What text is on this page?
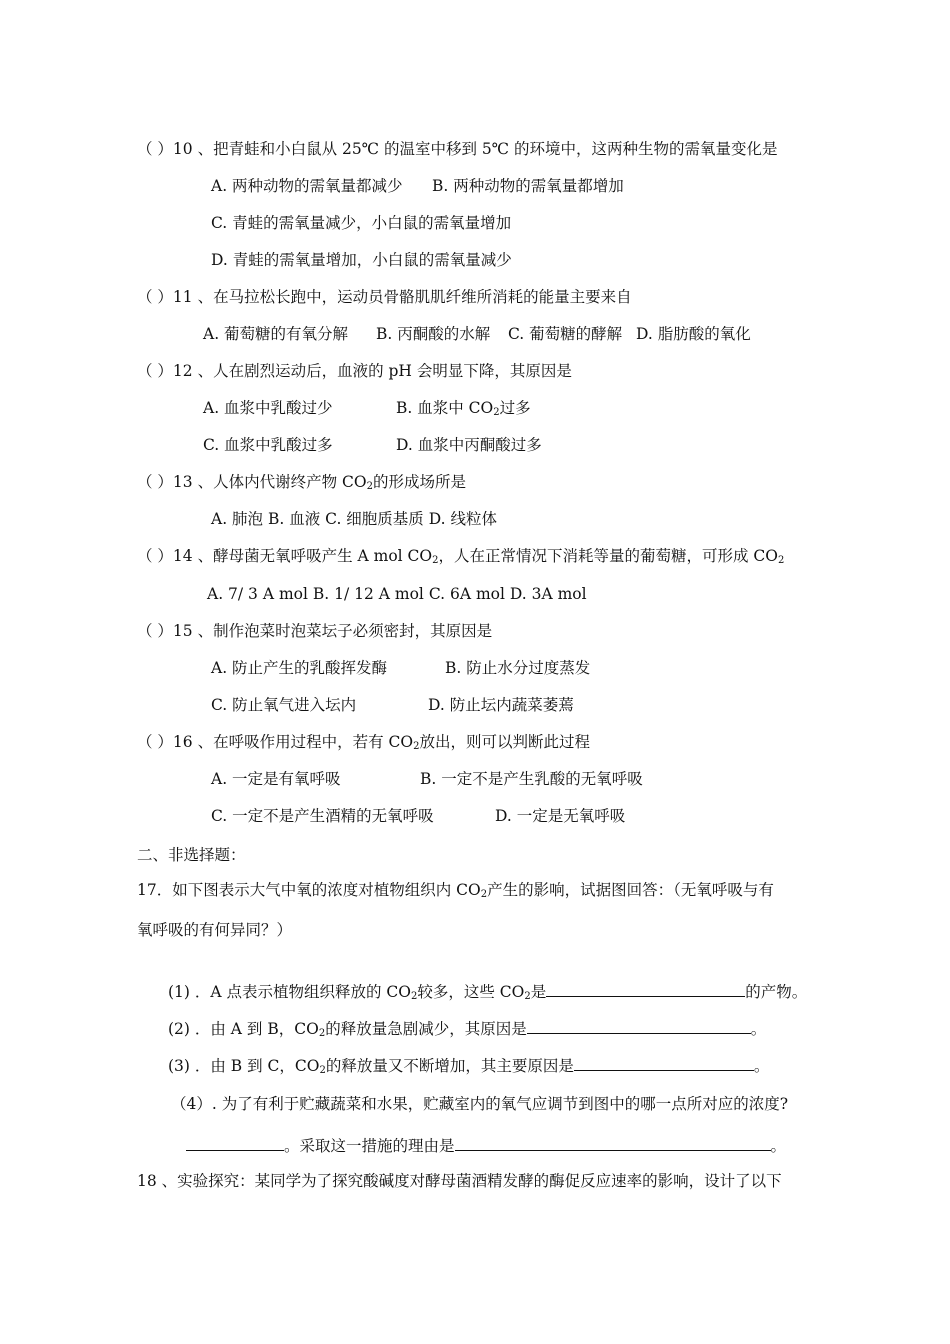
（ ）10 、把青蛙和小白鼠从 25℃ 的温室中移到 5℃ 的环境中，这两种生物的需氧量变化是
A. 两种动物的需氧量都减少 B. 两种动物的需氧量都增加
C. 青蛙的需氧量减少，小白鼠的需氧量增加
D. 青蛙的需氧量增加，小白鼠的需氧量减少
（ ）11 、在马拉松长跑中，运动员骨骼肌肌纤维所消耗的能量主要来自
A. 葡萄糖的有氧分解 B. 丙酮酸的水解 C. 葡萄糖的酵解 D. 脂肪酸的氧化
（ ）12 、人在剧烈运动后，血液的 pH 会明显下降，其原因是
A. 血浆中乳酸过少	B. 血浆中 $CO_2$过多
C. 血浆中乳酸过多	D. 血浆中丙酮酸过多
（ ）13 、人体内代谢终产物 $CO_2$的形成场所是
A. 肺泡 B. 血液 C. 细胞质基质 D. 线粒体
（ ）14 、酵母菌无氧呼吸产生 A mol $CO_2$，人在正常情况下消耗等量的葡萄糖，可形成 $CO_2$
A. 7/ 3 A mol B. 1/ 12 A mol C. 6A mol D. 3A mol
（ ）15 、制作泡菜时泡菜坛子必须密封，其原因是
A. 防止产生的乳酸挥发酶	B. 防止水分过度蒸发
C. 防止氧气进入坛内	D. 防止坛内蔬菜萎蔫
（ ）16 、在呼吸作用过程中，若有 $CO_2$放出，则可以判断此过程
A. 一定是有氧呼吸	B. 一定不是产生乳酸的无氧呼吸
C. 一定不是产生酒精的无氧呼吸	D. 一定是无氧呼吸
二、非选择题：
17．如下图表示大气中氧的浓度对植物组织内 $CO_2$产生的影响，试据图回答：（无氧呼吸与有
氧呼吸的有何异同？）
(1) ．A 点表示植物组织释放的 $CO_2$较多，这些 $CO_2$是	的产物。
(2) ．由 A 到 B，$CO_2$的释放量急剧减少，其原因是	。
(3) ．由 B 到 C，$CO_2$的释放量又不断增加，其主要原因是	。
（4）. 为了有利于贮藏蔬菜和水果，贮藏室内的氧气应调节到图中的哪一点所对应的浓度?
。采取这一措施的理由是	。
18 、实验探究：某同学为了探究酸碱度对酵母菌酒精发酵的酶促反应速率的影响，设计了以下
